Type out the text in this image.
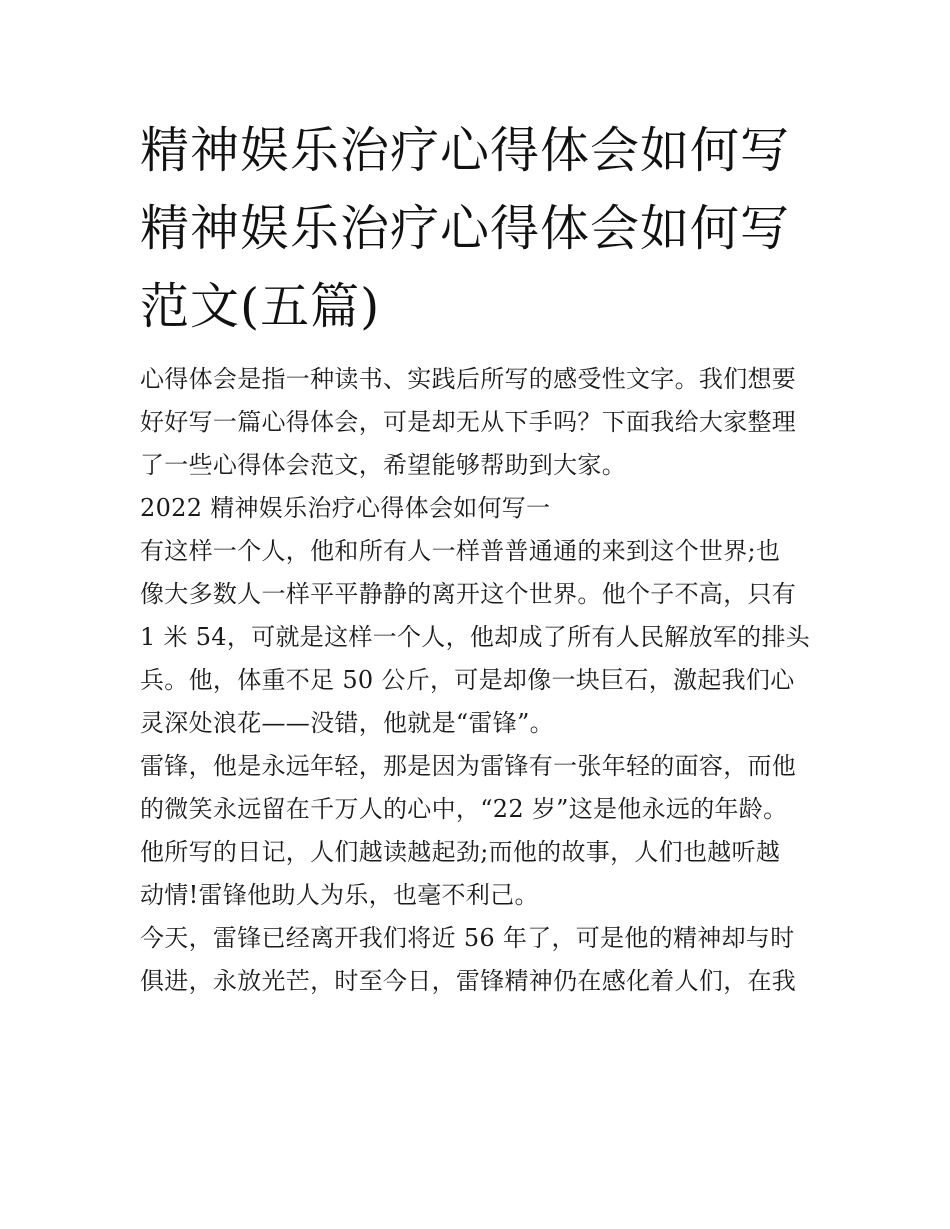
精神娱乐治疗心得体会如何写
精神娱乐治疗心得体会如何写
范文(五篇)
心得体会是指一种读书、实践后所写的感受性文字。我们想要
好好写一篇心得体会，可是却无从下手吗？下面我给大家整理
了一些心得体会范文，希望能够帮助到大家。
2022 精神娱乐治疗心得体会如何写一
有这样一个人，他和所有人一样普普通通的来到这个世界;也
像大多数人一样平平静静的离开这个世界。他个子不高，只有
1 米 54，可就是这样一个人，他却成了所有人民解放军的排头
兵。他，体重不足 50 公斤，可是却像一块巨石，激起我们心
灵深处浪花——没错，他就是“雷锋”。
雷锋，他是永远年轻，那是因为雷锋有一张年轻的面容，而他
的微笑永远留在千万人的心中，“22 岁”这是他永远的年龄。
他所写的日记，人们越读越起劲;而他的故事，人们也越听越
动情!雷锋他助人为乐，也毫不利己。
今天，雷锋已经离开我们将近 56 年了，可是他的精神却与时
俱进，永放光芒，时至今日，雷锋精神仍在感化着人们，在我
